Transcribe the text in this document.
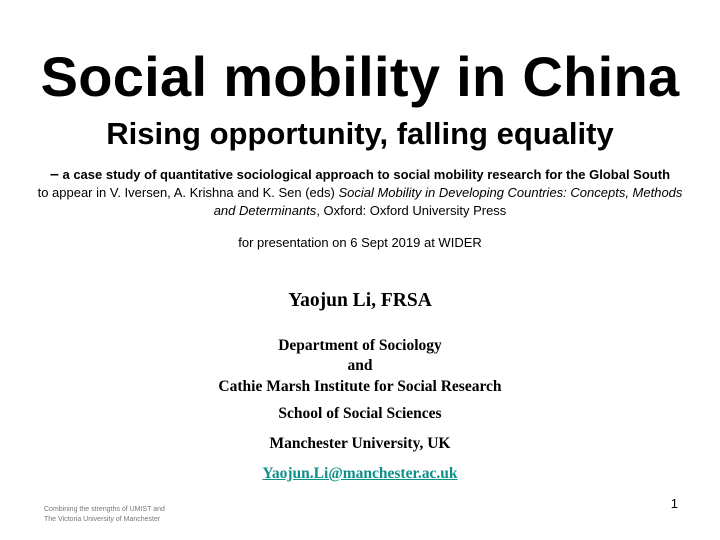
Social mobility in China
Rising opportunity, falling equality
– a case study of quantitative sociological approach to social mobility research for the Global South
to appear in V. Iversen, A. Krishna and K. Sen (eds) Social Mobility in Developing Countries: Concepts, Methods
and Determinants, Oxford: Oxford University Press
for presentation on 6 Sept 2019 at WIDER
Yaojun Li, FRSA
Department of Sociology
and
Cathie Marsh Institute for Social Research
School of Social Sciences
Manchester University, UK
Yaojun.Li@manchester.ac.uk
Combining the strengths of UMIST and
The Victoria University of Manchester
1
